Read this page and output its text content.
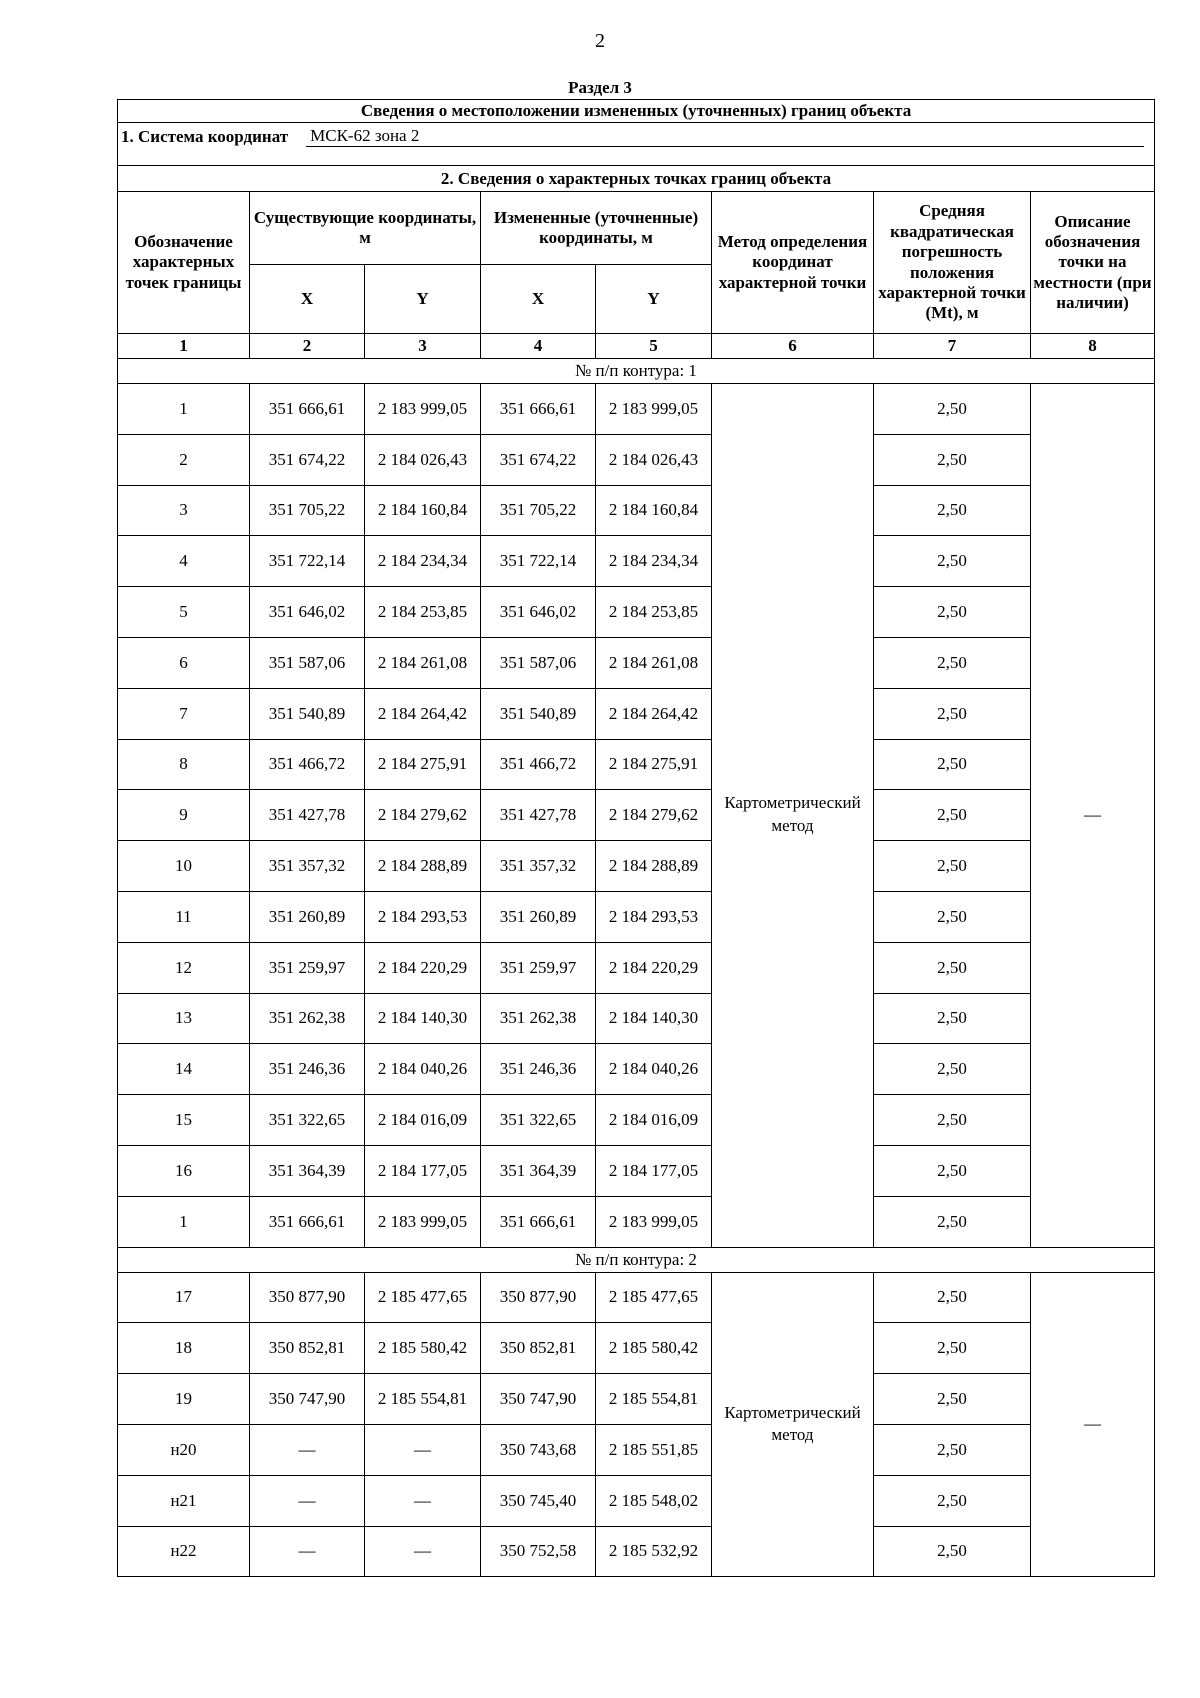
2
Раздел 3
Сведения о местоположении измененных (уточненных) границ объекта							

1. Система координат МСК-62 зона 2							

2. Сведения о характерных точках границ объекта							
Обозначение характерных точек границы	Существующие координаты, м		Измененные (уточненные) координаты, м		Метод определения координат характерной точки	Средняя квадратическая погрешность положения характерной точки (Mt), м	Описание обозначения точки на местности (при наличии)
	X	Y	X	Y			
1	2	3	4	5	6	7	8
№ п/п контура: 1							
1	351 666,61	2 183 999,05	351 666,61	2 183 999,05	Картометрический метод	2,50	—
2	351 674,22	2 184 026,43	351 674,22	2 184 026,43		2,50	
3	351 705,22	2 184 160,84	351 705,22	2 184 160,84		2,50	
4	351 722,14	2 184 234,34	351 722,14	2 184 234,34		2,50	
5	351 646,02	2 184 253,85	351 646,02	2 184 253,85		2,50	
6	351 587,06	2 184 261,08	351 587,06	2 184 261,08		2,50	
7	351 540,89	2 184 264,42	351 540,89	2 184 264,42		2,50	
8	351 466,72	2 184 275,91	351 466,72	2 184 275,91		2,50	
9	351 427,78	2 184 279,62	351 427,78	2 184 279,62		2,50	
10	351 357,32	2 184 288,89	351 357,32	2 184 288,89		2,50	
11	351 260,89	2 184 293,53	351 260,89	2 184 293,53		2,50	
12	351 259,97	2 184 220,29	351 259,97	2 184 220,29		2,50	
13	351 262,38	2 184 140,30	351 262,38	2 184 140,30		2,50	
14	351 246,36	2 184 040,26	351 246,36	2 184 040,26		2,50	
15	351 322,65	2 184 016,09	351 322,65	2 184 016,09		2,50	
16	351 364,39	2 184 177,05	351 364,39	2 184 177,05		2,50	
1	351 666,61	2 183 999,05	351 666,61	2 183 999,05		2,50	
№ п/п контура: 2							
17	350 877,90	2 185 477,65	350 877,90	2 185 477,65	Картометрический метод	2,50	—
18	350 852,81	2 185 580,42	350 852,81	2 185 580,42		2,50	
19	350 747,90	2 185 554,81	350 747,90	2 185 554,81		2,50	
н20	—	—	350 743,68	2 185 551,85		2,50	
н21	—	—	350 745,40	2 185 548,02		2,50	
н22	—	—	350 752,58	2 185 532,92		2,50	
